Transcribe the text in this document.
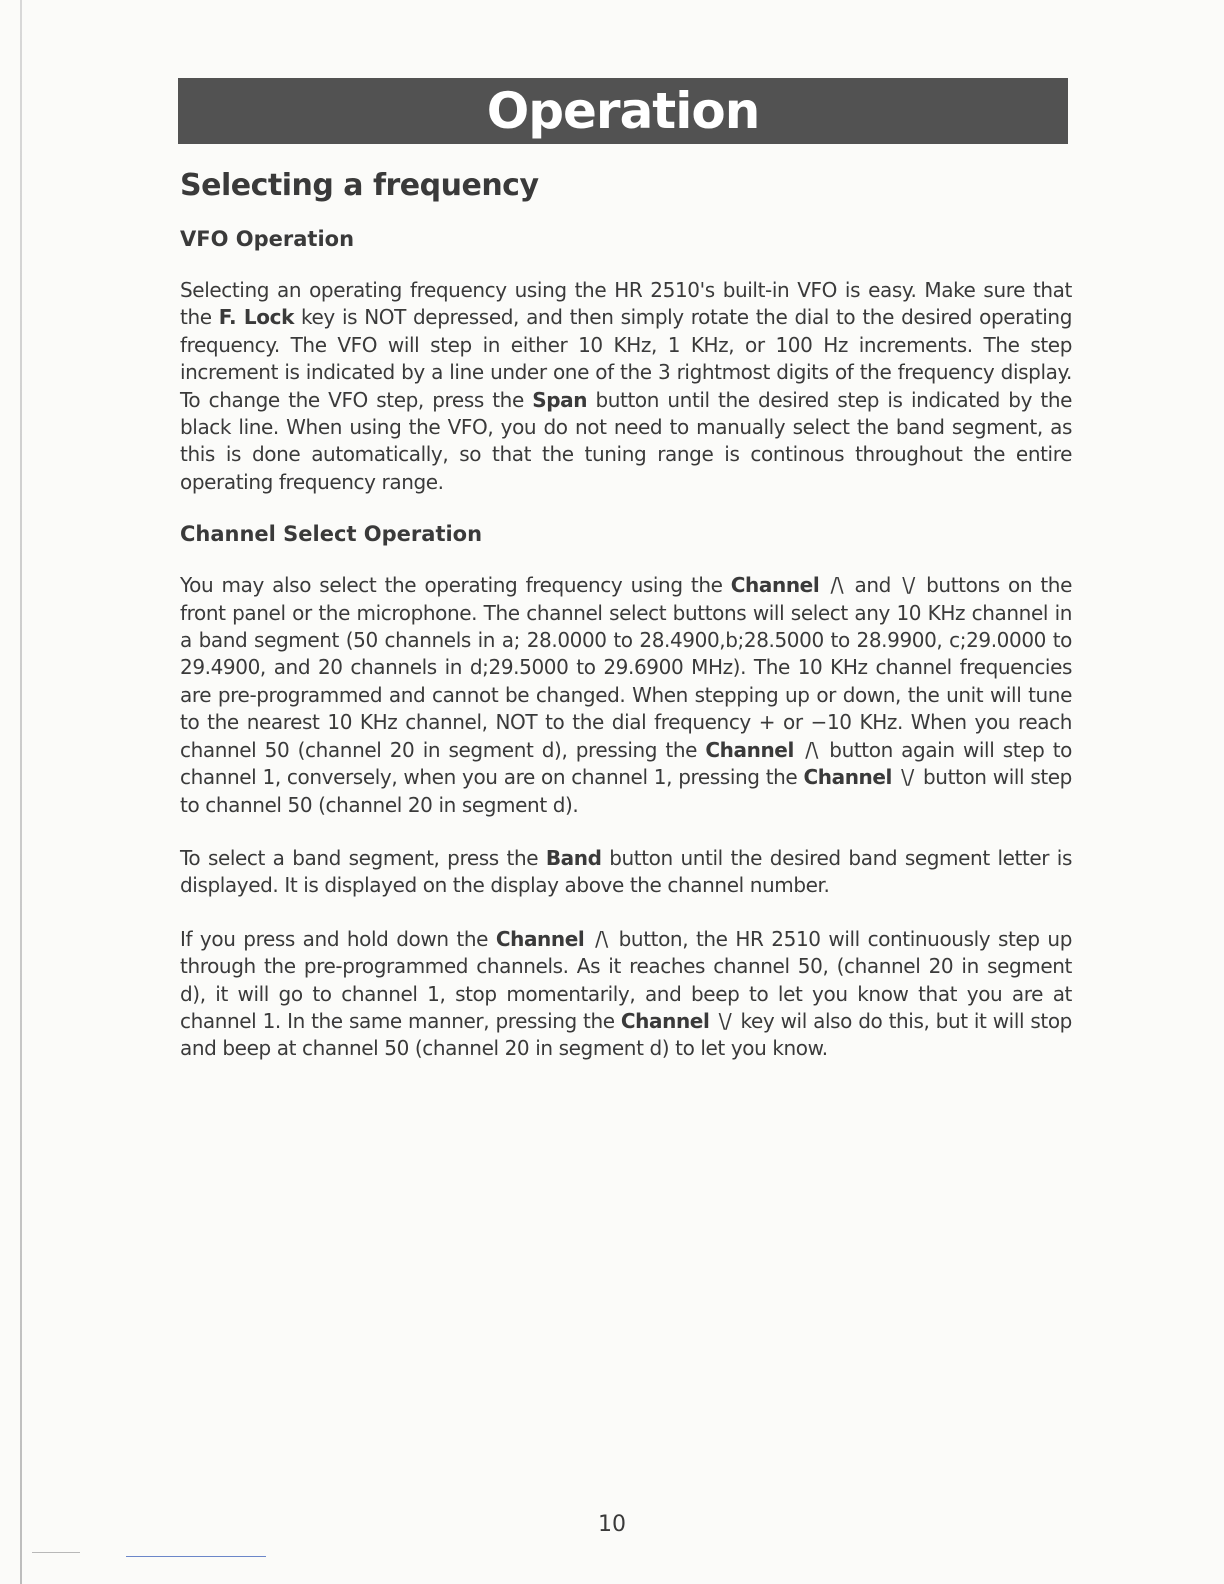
Operation
Selecting a frequency
VFO Operation

Selecting an operating frequency using the HR 2510's built-in VFO is easy. Make sure that the F. Lock key is NOT depressed, and then simply rotate the dial to the desired operating frequency. The VFO will step in either 10 KHz, 1 KHz, or 100 Hz increments. The step increment is indicated by a line under one of the 3 rightmost digits of the frequency display. To change the VFO step, press the Span button until the desired step is indicated by the black line. When using the VFO, you do not need to manually select the band segment, as this is done automatically, so that the tuning range is continous throughout the entire operating frequency range.

Channel Select Operation

You may also select the operating frequency using the Channel /\ and \/ buttons on the front panel or the microphone. The channel select buttons will select any 10 KHz channel in a band segment (50 channels in a; 28.0000 to 28.4900,b;28.5000 to 28.9900, c;29.0000 to 29.4900, and 20 channels in d;29.5000 to 29.6900 MHz). The 10 KHz channel frequencies are pre-programmed and cannot be changed. When stepping up or down, the unit will tune to the nearest 10 KHz channel, NOT to the dial frequency + or −10 KHz. When you reach channel 50 (channel 20 in segment d), pressing the Channel /\ button again will step to channel 1, conversely, when you are on channel 1, pressing the Channel \/ button will step to channel 50 (channel 20 in segment d).

To select a band segment, press the Band button until the desired band segment letter is displayed. It is displayed on the display above the channel number.

If you press and hold down the Channel /\ button, the HR 2510 will continuously step up through the pre-programmed channels. As it reaches channel 50, (channel 20 in segment d), it will go to channel 1, stop momentarily, and beep to let you know that you are at channel 1. In the same manner, pressing the Channel \/ key wil also do this, but it will stop and beep at channel 50 (channel 20 in segment d) to let you know.

10
